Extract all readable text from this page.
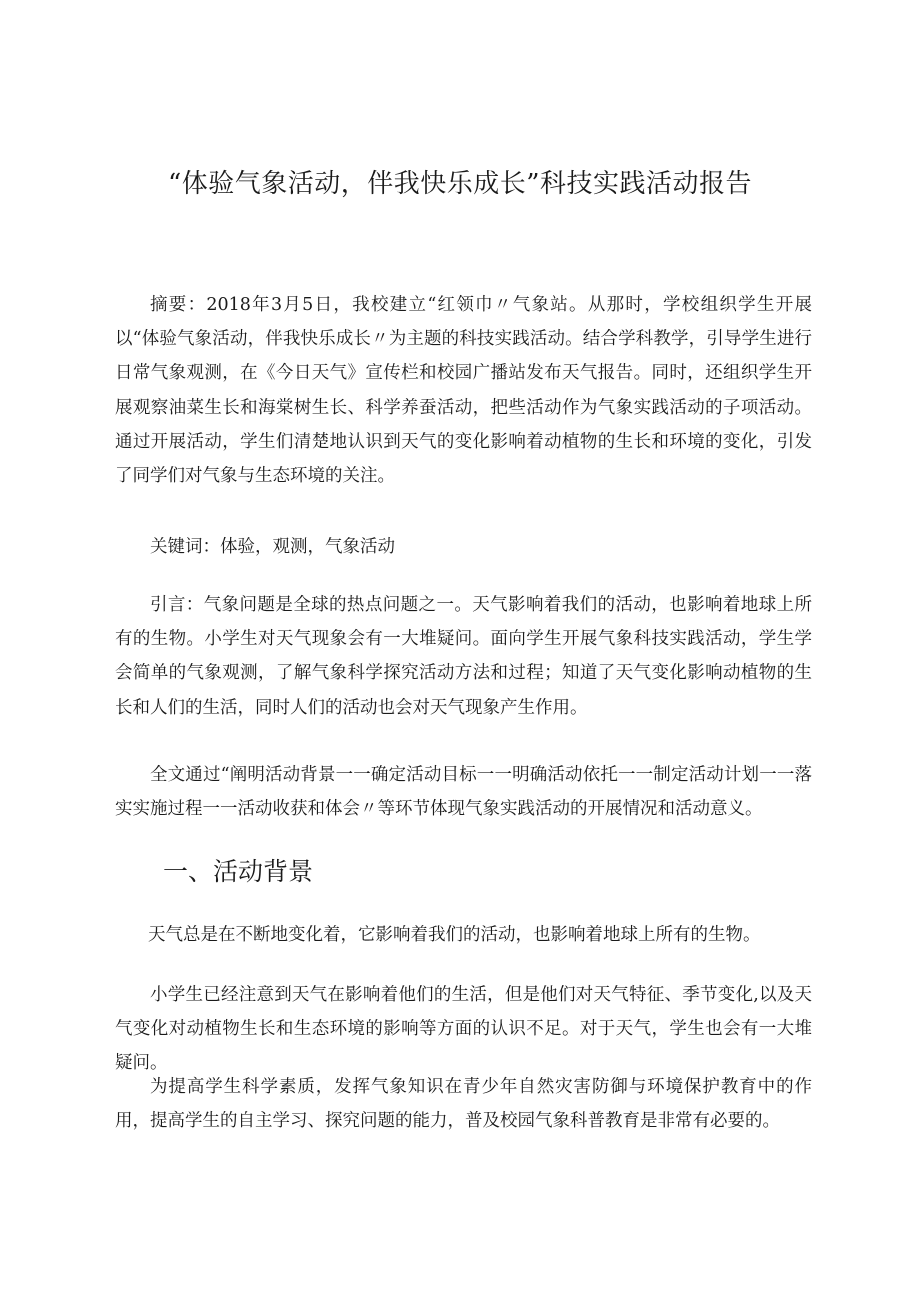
“体验气象活动，伴我快乐成长”科技实践活动报告

摘要：2018年3月5日，我校建立“红领巾〃气象站。从那时，学校组织学生开展以“体验气象活动，伴我快乐成长〃为主题的科技实践活动。结合学科教学，引导学生进行日常气象观测，在《今日天气》宣传栏和校园广播站发布天气报告。同时，还组织学生开展观察油菜生长和海棠树生长、科学养蚕活动，把些活动作为气象实践活动的子项活动。通过开展活动，学生们清楚地认识到天气的变化影响着动植物的生长和环境的变化，引发了同学们对气象与生态环境的关注。

关键词：体验，观测，气象活动

引言：气象问题是全球的热点问题之一。天气影响着我们的活动，也影响着地球上所有的生物。小学生对天气现象会有一大堆疑问。面向学生开展气象科技实践活动，学生学会简单的气象观测，了解气象科学探究活动方法和过程；知道了天气变化影响动植物的生长和人们的生活，同时人们的活动也会对天气现象产生作用。

全文通过“阐明活动背景一一确定活动目标一一明确活动依托一一制定活动计划一一落实实施过程一一活动收获和体会〃等环节体现气象实践活动的开展情况和活动意义。

一、活动背景

天气总是在不断地变化着，它影响着我们的活动，也影响着地球上所有的生物。

小学生已经注意到天气在影响着他们的生活，但是他们对天气特征、季节变化,以及天气变化对动植物生长和生态环境的影响等方面的认识不足。对于天气，学生也会有一大堆疑问。

为提高学生科学素质，发挥气象知识在青少年自然灾害防御与环境保护教育中的作用，提高学生的自主学习、探究问题的能力，普及校园气象科普教育是非常有必要的。
